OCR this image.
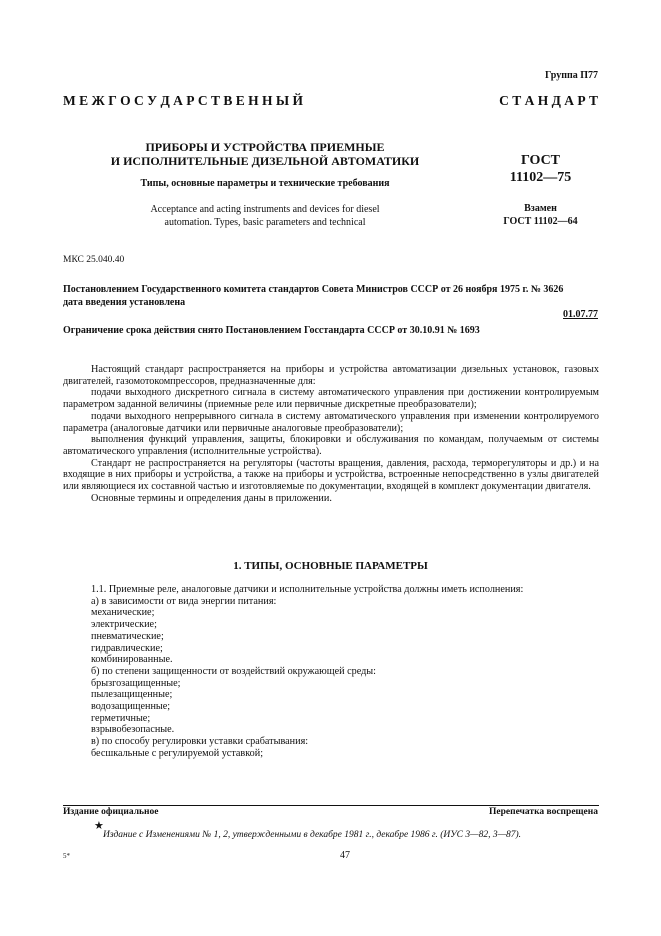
Группа П77
М Е Ж Г О С У Д А Р С Т В Е Н Н Ы Й	С Т А Н Д А Р Т
ПРИБОРЫ И УСТРОЙСТВА ПРИЕМНЫЕ
И ИСПОЛНИТЕЛЬНЫЕ ДИЗЕЛЬНОЙ АВТОМАТИКИ
Типы, основные параметры и технические требования
Acceptance and acting instruments and devices for diesel
automation. Types, basic parameters and technical
ГОСТ
11102—75
Взамен
ГОСТ 11102—64
МКС 25.040.40
Постановлением Государственного комитета стандартов Совета Министров СССР от 26 ноября 1975 г. № 3626
дата введения установлена
01.07.77
Ограничение срока действия снято Постановлением Госстандарта СССР от 30.10.91 № 1693

Настоящий стандарт распространяется на приборы и устройства автоматизации дизельных установок, газовых двигателей, газомотокомпрессоров, предназначенные для:

подачи выходного дискретного сигнала в систему автоматического управления при достижении контролируемым параметром заданной величины (приемные реле или первичные дискретные преобразователи);

подачи выходного непрерывного сигнала в систему автоматического управления при изменении контролируемого параметра (аналоговые датчики или первичные аналоговые преобразователи);

выполнения функций управления, защиты, блокировки и обслуживания по командам, получаемым от системы автоматического управления (исполнительные устройства).

Стандарт не распространяется на регуляторы (частоты вращения, давления, расхода, терморегуляторы и др.) и на входящие в них приборы и устройства, а также на приборы и устройства, встроенные непосредственно в узлы двигателей или являющиеся их составной частью и изготовляемые по документации, входящей в комплект документации двигателя.

Основные термины и определения даны в приложении.

1. ТИПЫ, ОСНОВНЫЕ ПАРАМЕТРЫ

1.1. Приемные реле, аналоговые датчики и исполнительные устройства должны иметь исполнения:

а) в зависимости от вида энергии питания:

механические;

электрические;

пневматические;

гидравлические;

комбинированные.

б) по степени защищенности от воздействий окружающей среды:

брызгозащищенные;

пылезащищенные;

водозащищенные;

герметичные;

взрывобезопасные.

в) по способу регулировки уставки срабатывания:

бесшкальные с регулируемой уставкой;

Издание официальное	Перепечатка воспрещена
★
Издание с Изменениями № 1, 2, утвержденными в декабре 1981 г., декабре 1986 г. (ИУС 3—82, 3—87).
5*	47
